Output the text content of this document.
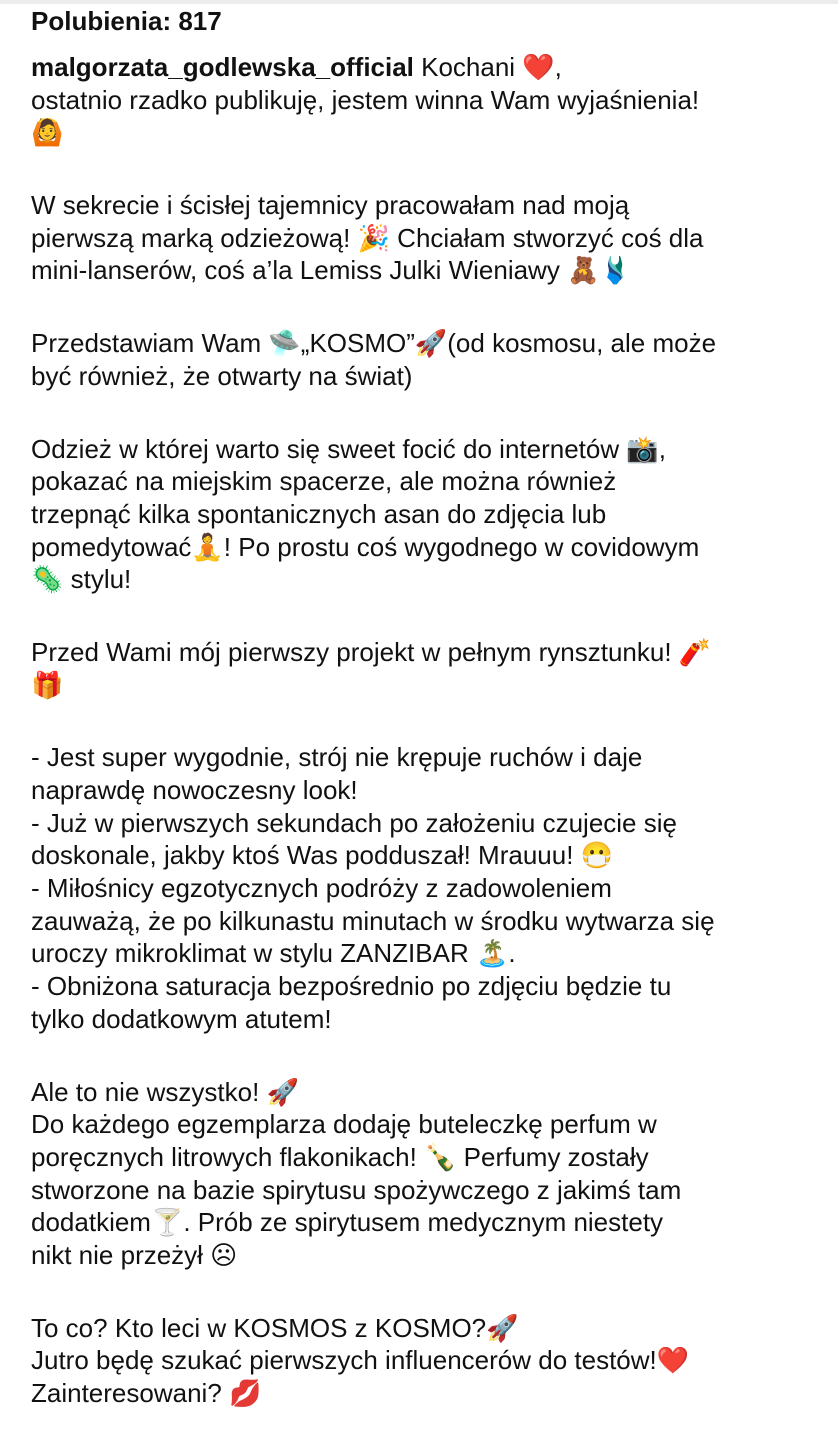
Polubienia: 817
malgorzata_godlewska_official Kochani ❤️,
ostatnio rzadko publikuję, jestem winna Wam wyjaśnienia!
🙆
W sekrecie i ścisłej tajemnicy pracowałam nad moją
pierwszą marką odzieżową! 🎉 Chciałam stworzyć coś dla
mini-lanserów, coś a’la Lemiss Julki Wieniawy 🧸🩱
Przedstawiam Wam 🛸„KOSMO”🚀(od kosmosu, ale może
być również, że otwarty na świat)
Odzież w której warto się sweet focić do internetów 📸,
pokazać na miejskim spacerze, ale można również
trzepnąć kilka spontanicznych asan do zdjęcia lub
pomedytować🧘! Po prostu coś wygodnego w covidowym
🦠 stylu!
Przed Wami mój pierwszy projekt w pełnym rynsztunku! 🧨
🎁
- Jest super wygodnie, strój nie krępuje ruchów i daje
naprawdę nowoczesny look!
- Już w pierwszych sekundach po założeniu czujecie się
doskonale, jakby ktoś Was podduszał! Mrauuu! 😷
- Miłośnicy egzotycznych podróży z zadowoleniem
zauważą, że po kilkunastu minutach w środku wytwarza się
uroczy mikroklimat w stylu ZANZIBAR 🏝️.
- Obniżona saturacja bezpośrednio po zdjęciu będzie tu
tylko dodatkowym atutem!
Ale to nie wszystko! 🚀
Do każdego egzemplarza dodaję buteleczkę perfum w
poręcznych litrowych flakonikach! 🍾 Perfumy zostały
stworzone na bazie spirytusu spożywczego z jakimś tam
dodatkiem🍸. Prób ze spirytusem medycznym niestety
nikt nie przeżył ☹
To co? Kto leci w KOSMOS z KOSMO?🚀
Jutro będę szukać pierwszych influencerów do testów!❤️
Zainteresowani? 💋
